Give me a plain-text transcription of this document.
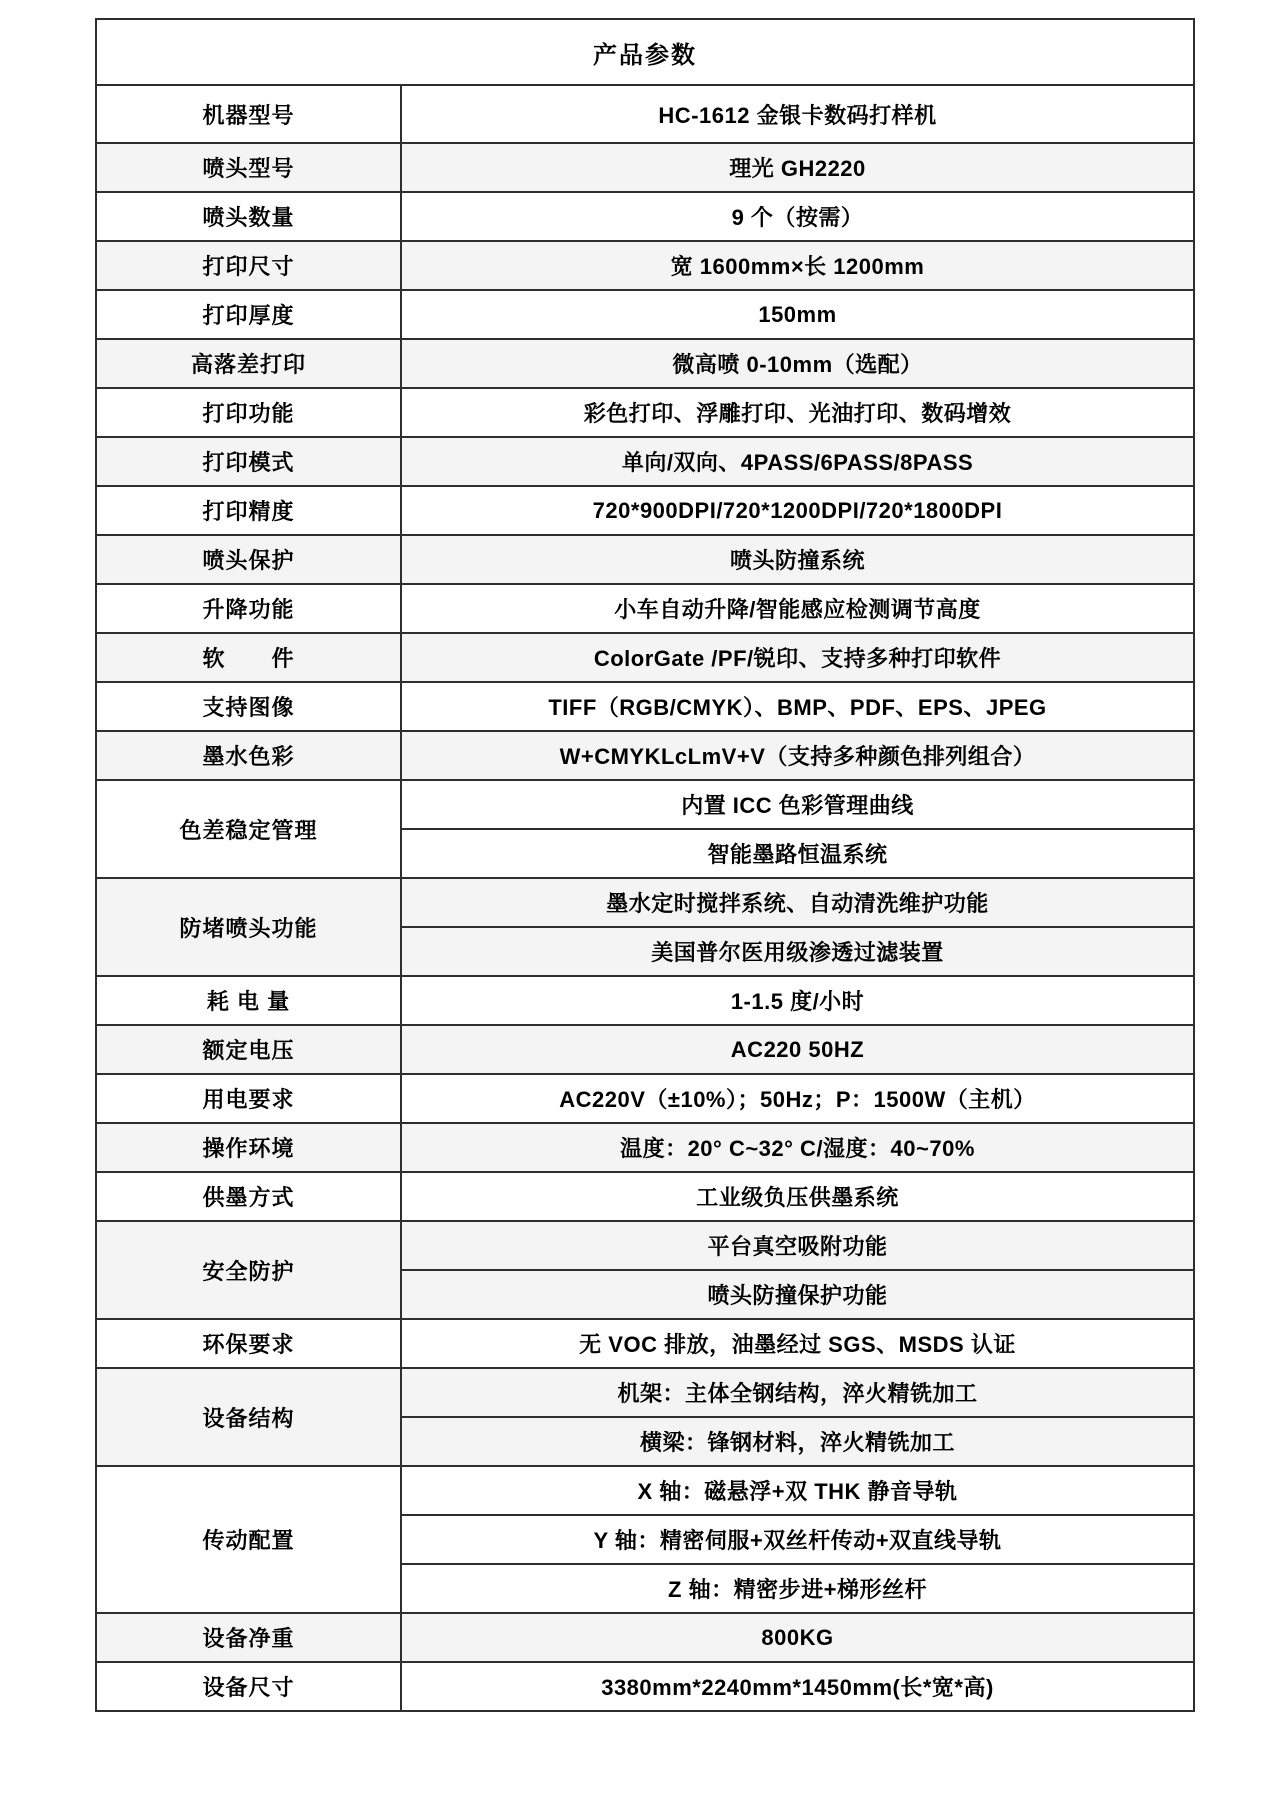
产品参数	
机器型号	HC-1612 金银卡数码打样机
喷头型号	理光 GH2220
喷头数量	9 个（按需）
打印尺寸	宽 1600mm×长 1200mm
打印厚度	150mm
高落差打印	微高喷 0-10mm（选配）
打印功能	彩色打印、浮雕打印、光油打印、数码增效
打印模式	单向/双向、4PASS/6PASS/8PASS
打印精度	720*900DPI/720*1200DPI/720*1800DPI
喷头保护	喷头防撞系统
升降功能	小车自动升降/智能感应检测调节高度
软　　件	ColorGate /PF/锐印、支持多种打印软件
支持图像	TIFF（RGB/CMYK）、BMP、PDF、EPS、JPEG
墨水色彩	W+CMYKLcLmV+V（支持多种颜色排列组合）
色差稳定管理	内置 ICC 色彩管理曲线
	智能墨路恒温系统
防堵喷头功能	墨水定时搅拌系统、自动清洗维护功能
	美国普尔医用级渗透过滤装置
耗 电 量	1-1.5 度/小时
额定电压	AC220 50HZ
用电要求	AC220V（±10%）；50Hz；P：1500W（主机）
操作环境	温度：20° C~32° C/湿度：40~70%
供墨方式	工业级负压供墨系统
安全防护	平台真空吸附功能
	喷头防撞保护功能
环保要求	无 VOC 排放，油墨经过 SGS、MSDS 认证
设备结构	机架：主体全钢结构，淬火精铣加工
	横梁：锋钢材料，淬火精铣加工
传动配置	X 轴：磁悬浮+双 THK 静音导轨
	Y 轴：精密伺服+双丝杆传动+双直线导轨
	Z 轴：精密步进+梯形丝杆
设备净重	800KG
设备尺寸	3380mm*2240mm*1450mm(长*宽*高)
